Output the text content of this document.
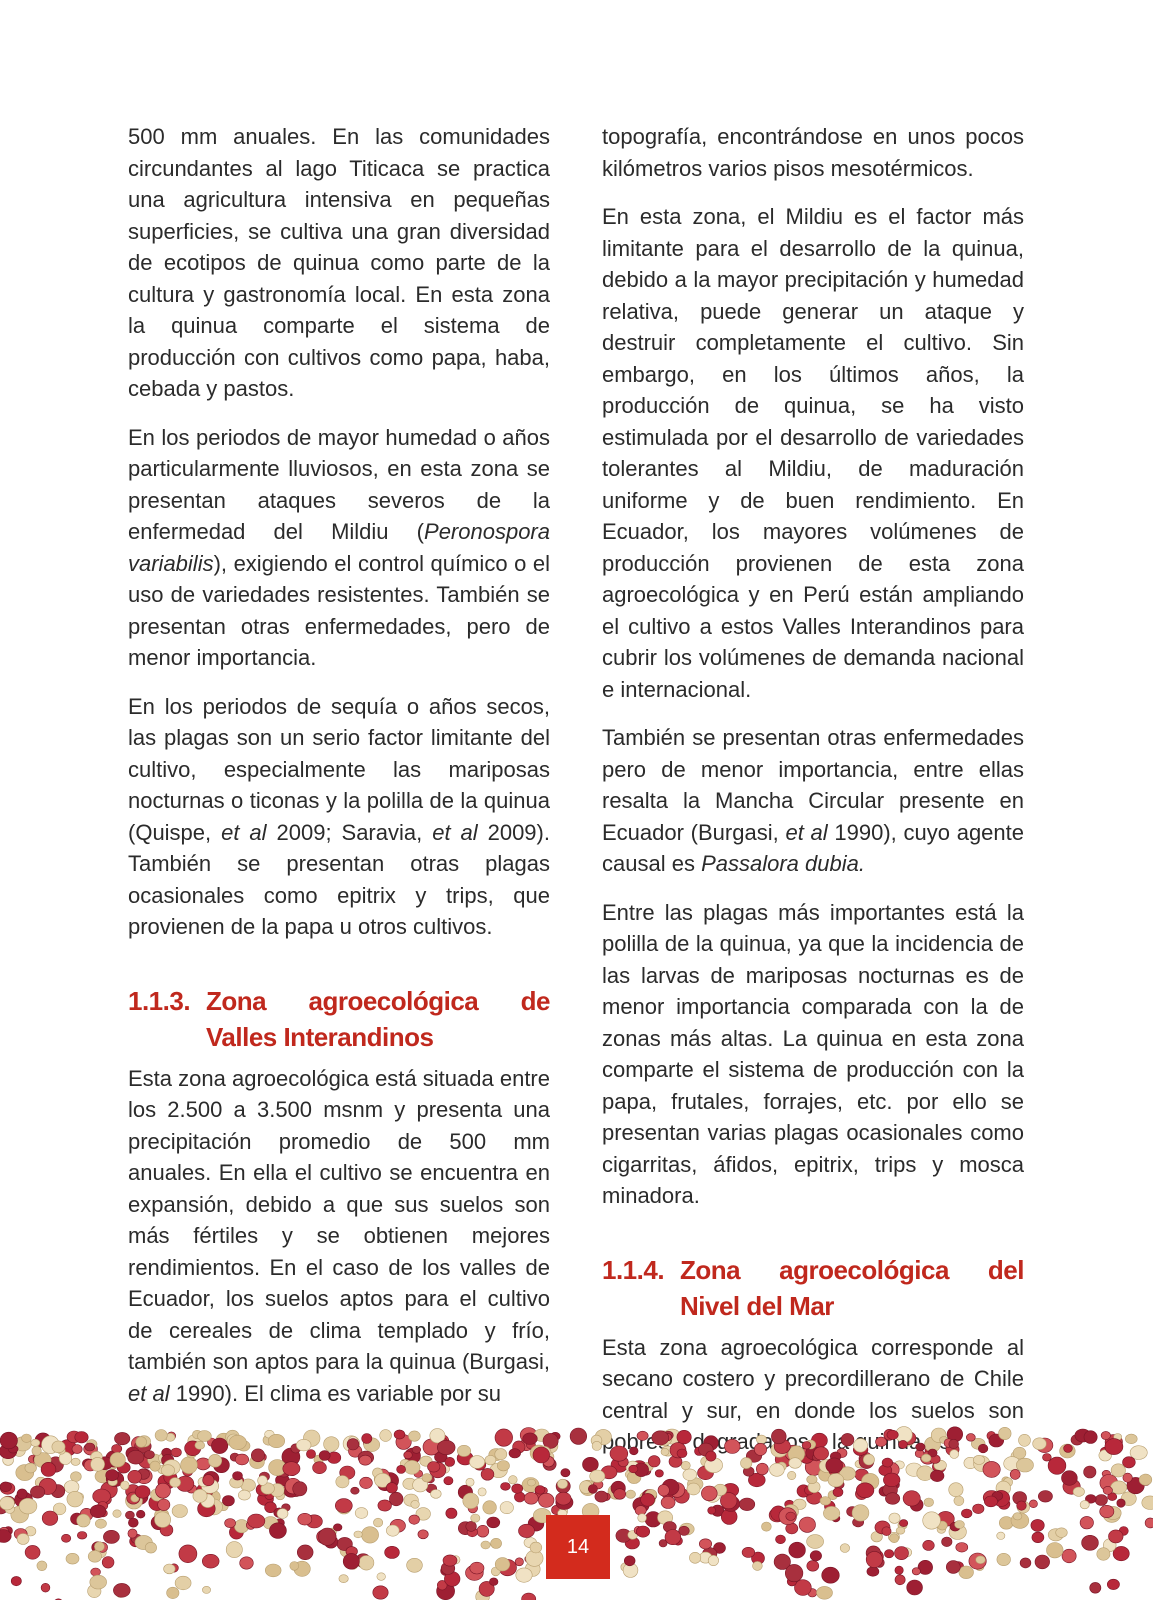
500 mm anuales. En las comunidades circundantes al lago Titicaca se practica una agricultura intensiva en pequeñas superficies, se cultiva una gran diversidad de ecotipos de quinua como parte de la cultura y gastronomía local. En esta zona la quinua comparte el sistema de producción con cultivos como papa, haba, cebada y pastos.

En los periodos de mayor humedad o años particularmente lluviosos, en esta zona se presentan ataques severos de la enfermedad del Mildiu (Peronospora variabilis), exigiendo el control químico o el uso de variedades resistentes. También se presentan otras enfermedades, pero de menor importancia.

En los periodos de sequía o años secos, las plagas son un serio factor limitante del cultivo, especialmente las mariposas nocturnas o ticonas y la polilla de la quinua (Quispe, et al 2009; Saravia, et al 2009). También se presentan otras plagas ocasionales como epitrix y trips, que provienen de la papa u otros cultivos.

1.1.3. Zona agroecológica de Valles Interandinos

Esta zona agroecológica está situada entre los 2.500 a 3.500 msnm y presenta una precipitación promedio de 500 mm anuales. En ella el cultivo se encuentra en expansión, debido a que sus suelos son más fértiles y se obtienen mejores rendimientos. En el caso de los valles de Ecuador, los suelos aptos para el cultivo de cereales de clima templado y frío, también son aptos para la quinua (Burgasi, et al 1990). El clima es variable por su

topografía, encontrándose en unos pocos kilómetros varios pisos mesotérmicos.

En esta zona, el Mildiu es el factor más limitante para el desarrollo de la quinua, debido a la mayor precipitación y humedad relativa, puede generar un ataque y destruir completamente el cultivo. Sin embargo, en los últimos años, la producción de quinua, se ha visto estimulada por el desarrollo de variedades tolerantes al Mildiu, de maduración uniforme y de buen rendimiento. En Ecuador, los mayores volúmenes de producción provienen de esta zona agroecológica y en Perú están ampliando el cultivo a estos Valles Interandinos para cubrir los volúmenes de demanda nacional e internacional.

También se presentan otras enfermedades pero de menor importancia, entre ellas resalta la Mancha Circular presente en Ecuador (Burgasi, et al 1990), cuyo agente causal es Passalora dubia.

Entre las plagas más importantes está la polilla de la quinua, ya que la incidencia de las larvas de mariposas nocturnas es de menor importancia comparada con la de zonas más altas. La quinua en esta zona comparte el sistema de producción con la papa, frutales, forrajes, etc. por ello se presentan varias plagas ocasionales como cigarritas, áfidos, epitrix, trips y mosca minadora.

1.1.4. Zona agroecológica del Nivel del Mar

Esta zona agroecológica corresponde al secano costero y precordillerano de Chile central y sur, en donde los suelos son pobres degradados la quinua

14
